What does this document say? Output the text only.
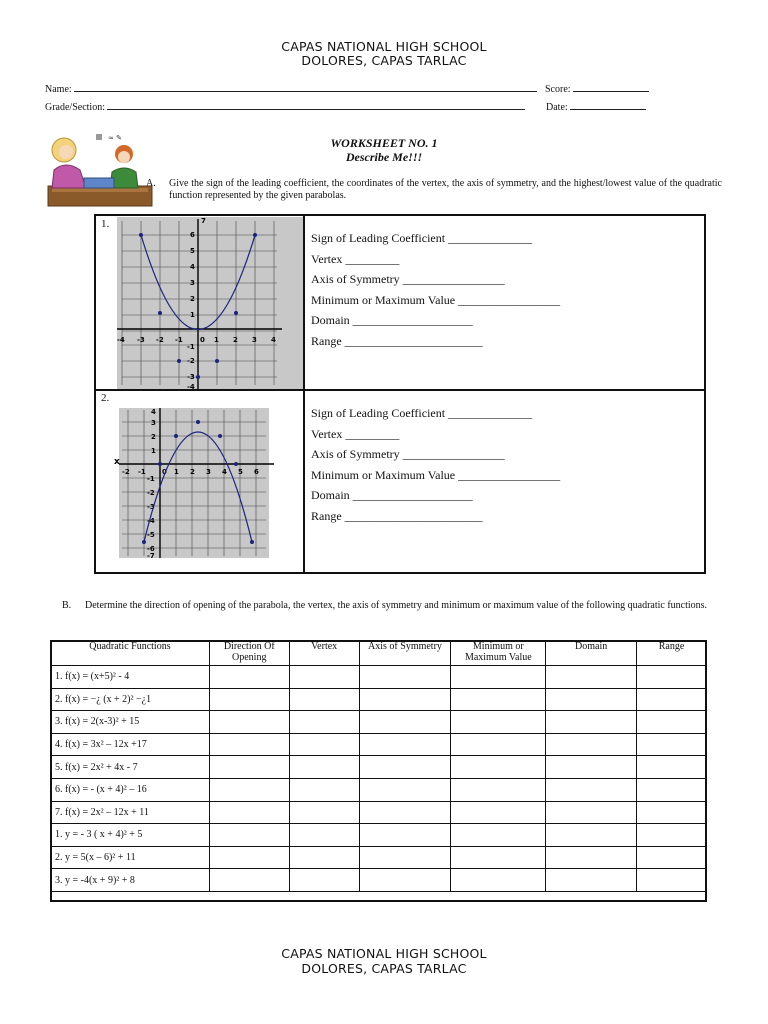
CAPAS NATIONAL HIGH SCHOOL
DOLORES, CAPAS TARLAC
Name:	Score:
Grade/Section:	Date:
≈ ✎	WORKSHEET NO. 1
Describe Me!!!
A. Give the sign of the leading coefficient, the coordinates of the vertex, the axis of symmetry, and the highest/lowest value of the quadratic function represented by the given parabolas.
1.
2.
-4 -3 -2 -1 0 1 2 3 4
7
6
5
4
3
2
1
-1
-2
-3
-4
x
-2 -1 0 1 2 3 4 5 6
4
3
2
1
-1
-2
-3
-4
-5
-6
-7
Sign of Leading Coefficient ______________
Vertex _________
Axis of Symmetry _________________
Minimum or Maximum Value _________________
Domain ____________________
Range _______________________
Sign of Leading Coefficient ______________
Vertex _________
Axis of Symmetry _________________
Minimum or Maximum Value _________________
Domain ____________________
Range _______________________
B. Determine the direction of opening of the parabola, the vertex, the axis of symmetry and minimum or maximum value of the following quadratic functions.
Quadratic Functions	Direction Of Opening	Vertex	Axis of Symmetry	Minimum or Maximum Value	Domain	Range
1. f(x) = (x+5)² - 4						
2. f(x) = −¿ (x + 2)² −¿1						
3. f(x) = 2(x-3)² + 15						
4. f(x) = 3x² – 12x +17						
5. f(x) = 2x² + 4x - 7						
6. f(x) = - (x + 4)² – 16						
7. f(x) = 2x² – 12x + 11						
1. y = - 3 ( x + 4)² + 5						
2. y = 5(x – 6)² + 11						
3. y = -4(x + 9)² + 8						
CAPAS NATIONAL HIGH SCHOOL
DOLORES, CAPAS TARLAC
